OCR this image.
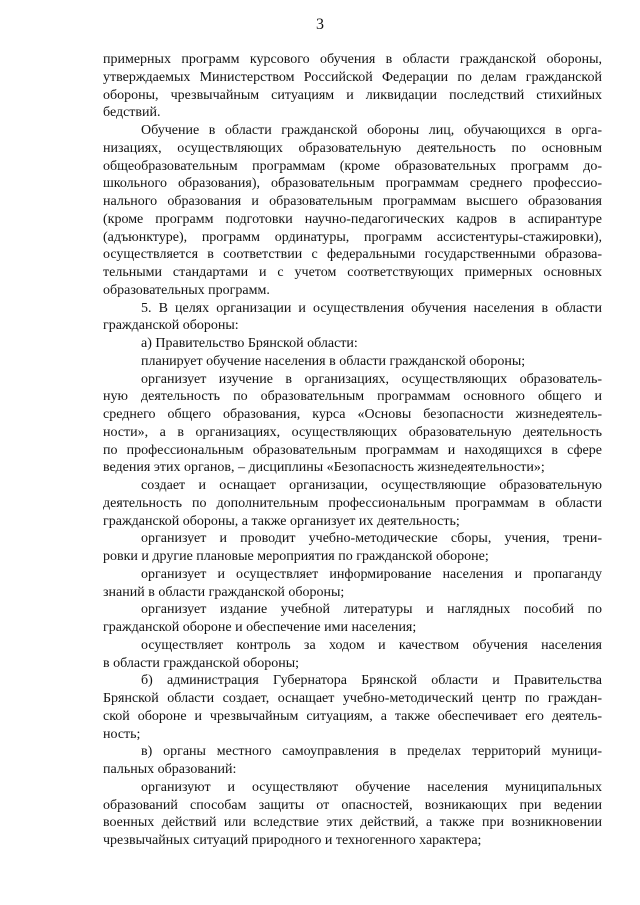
3
примерных программ курсового обучения в области гражданской обороны,
утверждаемых Министерством Российской Федерации по делам гражданской
обороны, чрезвычайным ситуациям и ликвидации последствий стихийных
бедствий.
Обучение в области гражданской обороны лиц, обучающихся в орга-
низациях, осуществляющих образовательную деятельность по основным
общеобразовательным программам (кроме образовательных программ до-
школьного образования), образовательным программам среднего профессио-
нального образования и образовательным программам высшего образования
(кроме программ подготовки научно-педагогических кадров в аспирантуре
(адъюнктуре), программ ординатуры, программ ассистентуры-стажировки),
осуществляется в соответствии с федеральными государственными образова-
тельными стандартами и с учетом соответствующих примерных основных
образовательных программ.
5. В целях организации и осуществления обучения населения в области
гражданской обороны:
а) Правительство Брянской области:
планирует обучение населения в области гражданской обороны;
организует изучение в организациях, осуществляющих образователь-
ную деятельность по образовательным программам основного общего и
среднего общего образования, курса «Основы безопасности жизнедеятель-
ности», а в организациях, осуществляющих образовательную деятельность
по профессиональным образовательным программам и находящихся в сфере
ведения этих органов, – дисциплины «Безопасность жизнедеятельности»;
создает и оснащает организации, осуществляющие образовательную
деятельность по дополнительным профессиональным программам в области
гражданской обороны, а также организует их деятельность;
организует и проводит учебно-методические сборы, учения, трени-
ровки и другие плановые мероприятия по гражданской обороне;
организует и осуществляет информирование населения и пропаганду
знаний в области гражданской обороны;
организует издание учебной литературы и наглядных пособий по
гражданской обороне и обеспечение ими населения;
осуществляет контроль за ходом и качеством обучения населения
в области гражданской обороны;
б) администрация Губернатора Брянской области и Правительства
Брянской области создает, оснащает учебно-методический центр по граждан-
ской обороне и чрезвычайным ситуациям, а также обеспечивает его деятель-
ность;
в) органы местного самоуправления в пределах территорий муници-
пальных образований:
организуют и осуществляют обучение населения муниципальных
образований способам защиты от опасностей, возникающих при ведении
военных действий или вследствие этих действий, а также при возникновении
чрезвычайных ситуаций природного и техногенного характера;
